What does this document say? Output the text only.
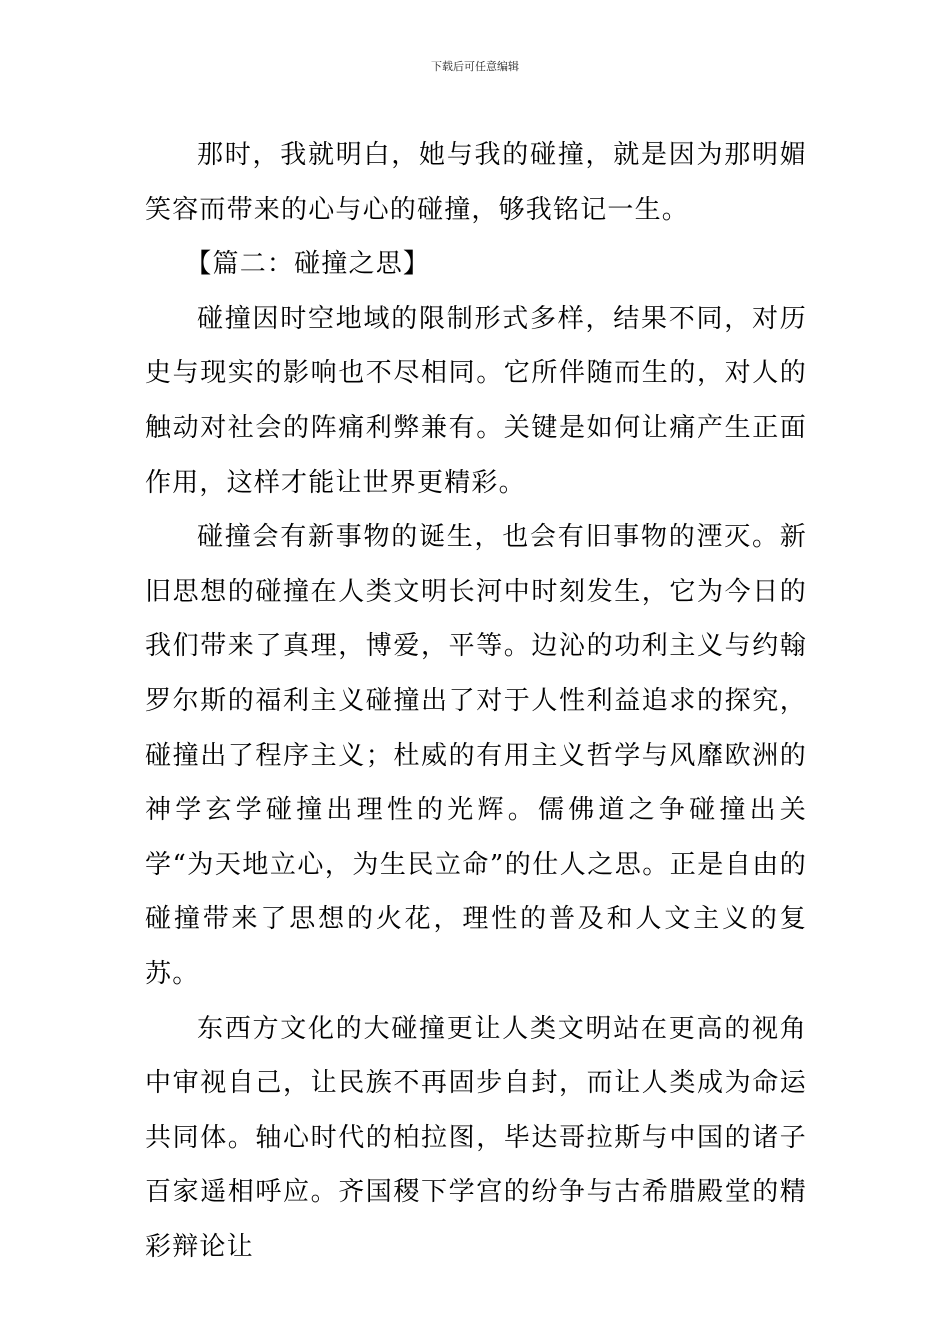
下载后可任意编辑

那时，我就明白，她与我的碰撞，就是因为那明媚笑容而带来的心与心的碰撞，够我铭记一生。

【篇二：碰撞之思】

碰撞因时空地域的限制形式多样，结果不同，对历史与现实的影响也不尽相同。它所伴随而生的，对人的触动对社会的阵痛利弊兼有。关键是如何让痛产生正面作用，这样才能让世界更精彩。

碰撞会有新事物的诞生，也会有旧事物的湮灭。新旧思想的碰撞在人类文明长河中时刻发生，它为今日的我们带来了真理，博爱，平等。边沁的功利主义与约翰罗尔斯的福利主义碰撞出了对于人性利益追求的探究，碰撞出了程序主义；杜威的有用主义哲学与风靡欧洲的神学玄学碰撞出理性的光辉。儒佛道之争碰撞出关学“为天地立心，为生民立命”的仕人之思。正是自由的碰撞带来了思想的火花，理性的普及和人文主义的复苏。

东西方文化的大碰撞更让人类文明站在更高的视角中审视自己，让民族不再固步自封，而让人类成为命运共同体。轴心时代的柏拉图，毕达哥拉斯与中国的诸子百家遥相呼应。齐国稷下学宫的纷争与古希腊殿堂的精彩辩论让
